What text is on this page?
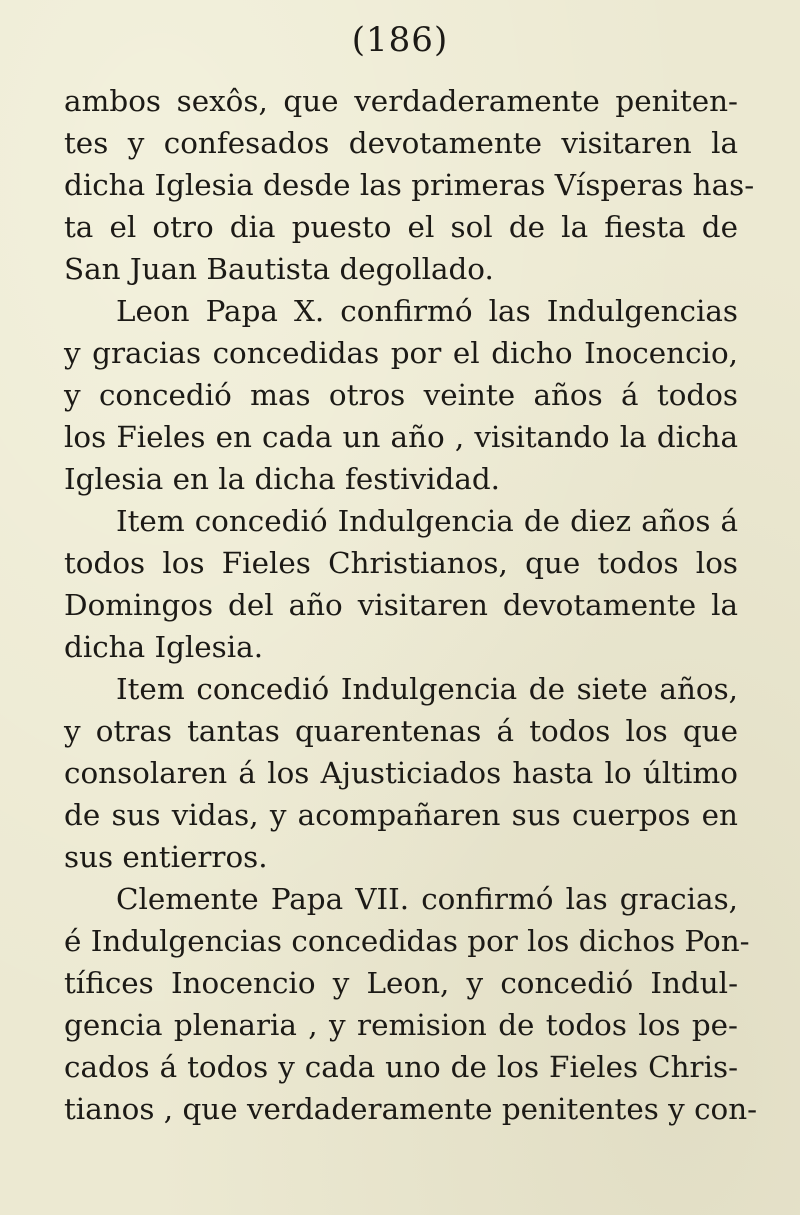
(186)
ambos sexôs, que verdaderamente peniten-
tes y confesados devotamente visitaren la
dicha Iglesia desde las primeras Vísperas has-
ta el otro dia puesto el sol de la fiesta de
San Juan Bautista degollado.
Leon Papa X. confirmó las Indulgencias
y gracias concedidas por el dicho Inocencio,
y concedió mas otros veinte años á todos
los Fieles en cada un año , visitando la dicha
Iglesia en la dicha festividad.
Item concedió Indulgencia de diez años á
todos los Fieles Christianos, que todos los
Domingos del año visitaren devotamente la
dicha Iglesia.
Item concedió Indulgencia de siete años,
y otras tantas quarentenas á todos los que
consolaren á los Ajusticiados hasta lo último
de sus vidas, y acompañaren sus cuerpos en
sus entierros.
Clemente Papa VII. confirmó las gracias,
é Indulgencias concedidas por los dichos Pon-
tífices Inocencio y Leon, y concedió Indul-
gencia plenaria , y remision de todos los pe-
cados á todos y cada uno de los Fieles Chris-
tianos , que verdaderamente penitentes y con-
